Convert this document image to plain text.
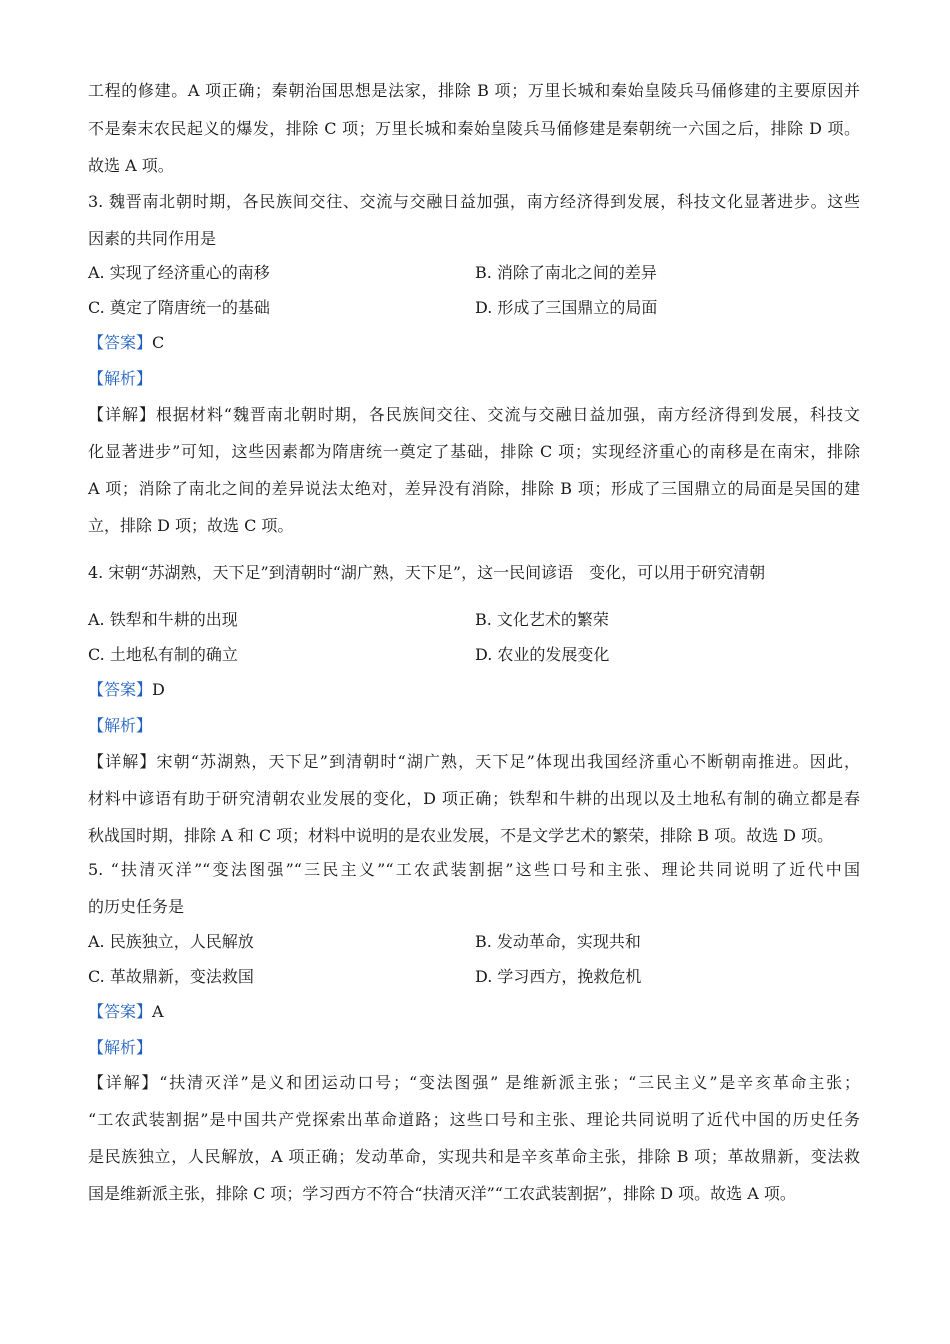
工程的修建。A 项正确；秦朝治国思想是法家，排除 B 项；万里长城和秦始皇陵兵马俑修建的主要原因并
不是秦末农民起义的爆发，排除 C 项；万里长城和秦始皇陵兵马俑修建是秦朝统一六国之后，排除 D 项。
故选 A 项。
3. 魏晋南北朝时期，各民族间交往、交流与交融日益加强，南方经济得到发展，科技文化显著进步。这些
因素的共同作用是
A. 实现了经济重心的南移	B. 消除了南北之间的差异
C. 奠定了隋唐统一的基础	D. 形成了三国鼎立的局面
【答案】C
【解析】
【详解】根据材料“魏晋南北朝时期，各民族间交往、交流与交融日益加强，南方经济得到发展，科技文
化显著进步”可知，这些因素都为隋唐统一奠定了基础，排除 C 项；实现经济重心的南移是在南宋，排除
A 项；消除了南北之间的差异说法太绝对，差异没有消除，排除 B 项；形成了三国鼎立的局面是吴国的建
立，排除 D 项；故选 C 项。
4. 宋朝“苏湖熟，天下足”到清朝时“湖广熟，天下足”，这一民间谚语　变化，可以用于研究清朝
A. 铁犁和牛耕的出现	B. 文化艺术的繁荣
C. 土地私有制的确立	D. 农业的发展变化
【答案】D
【解析】
【详解】宋朝“苏湖熟，天下足”到清朝时“湖广熟，天下足”体现出我国经济重心不断朝南推进。因此，
材料中谚语有助于研究清朝农业发展的变化，D 项正确；铁犁和牛耕的出现以及土地私有制的确立都是春
秋战国时期，排除 A 和 C 项；材料中说明的是农业发展，不是文学艺术的繁荣，排除 B 项。故选 D 项。
5. “扶清灭洋”“变法图强”“三民主义”“工农武装割据”这些口号和主张、理论共同说明了近代中国
的历史任务是
A. 民族独立，人民解放	B. 发动革命，实现共和
C. 革故鼎新，变法救国	D. 学习西方，挽救危机
【答案】A
【解析】
【详解】“扶清灭洋”是义和团运动口号；“变法图强” 是维新派主张；“三民主义”是辛亥革命主张；
“工农武装割据”是中国共产党探索出革命道路；这些口号和主张、理论共同说明了近代中国的历史任务
是民族独立，人民解放，A 项正确；发动革命，实现共和是辛亥革命主张，排除 B 项；革故鼎新，变法救
国是维新派主张，排除 C 项；学习西方不符合“扶清灭洋”“工农武装割据”，排除 D 项。故选 A 项。
